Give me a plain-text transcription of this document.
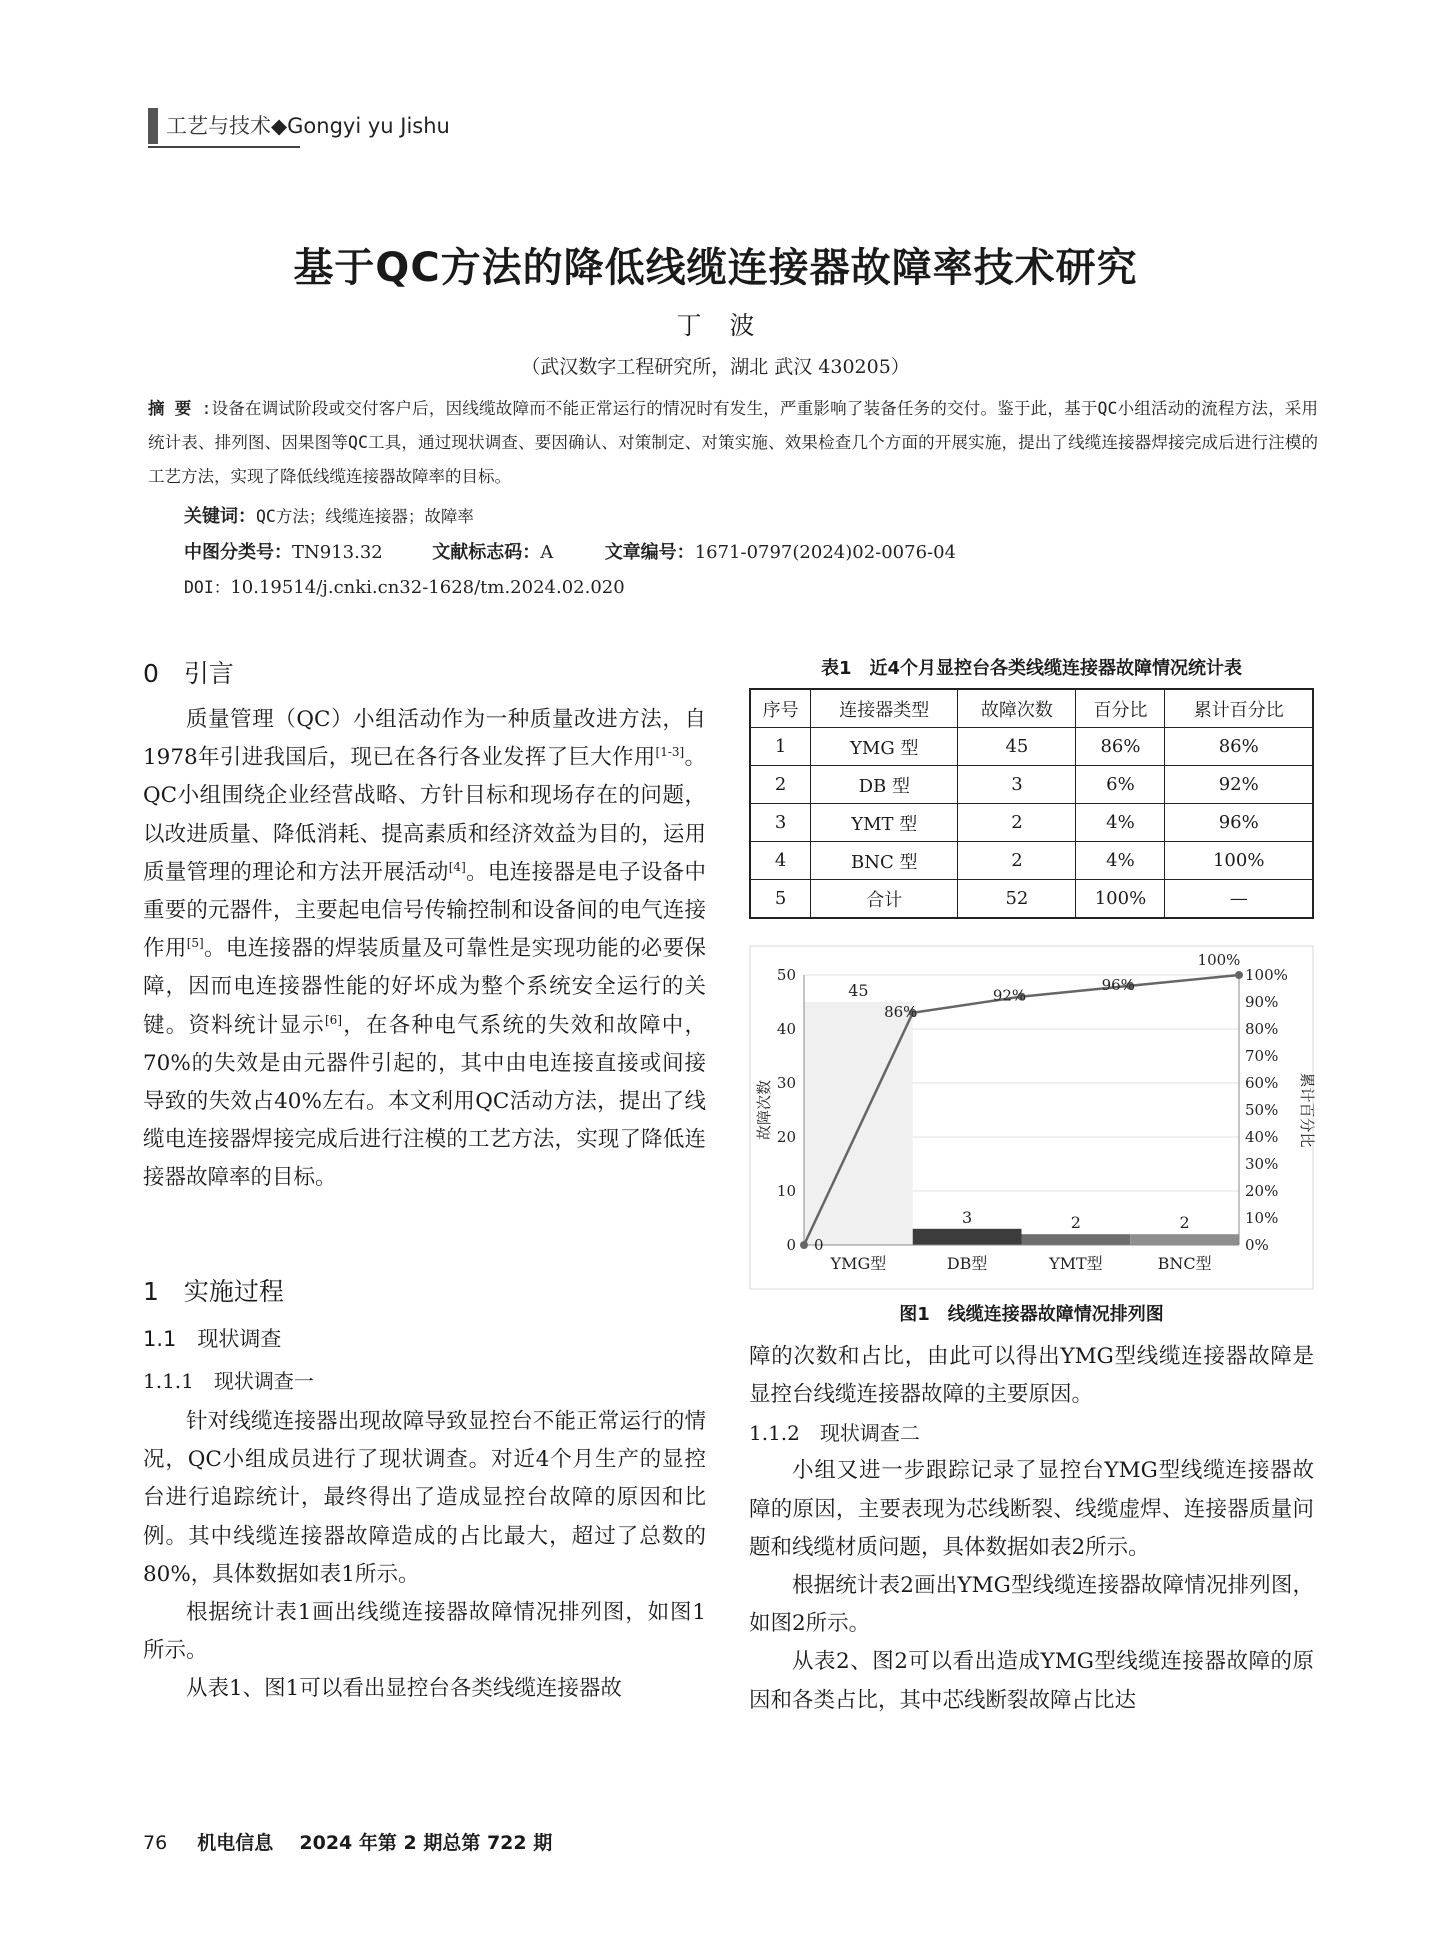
工艺与技术◆Gongyi yu Jishu
基于QC方法的降低线缆连接器故障率技术研究
丁波
（武汉数字工程研究所，湖北 武汉 430205）
摘要:设备在调试阶段或交付客户后，因线缆故障而不能正常运行的情况时有发生，严重影响了装备任务的交付。鉴于此，基于QC小组活动的流程方法，采用统计表、排列图、因果图等QC工具，通过现状调查、要因确认、对策制定、对策实施、效果检查几个方面的开展实施，提出了线缆连接器焊接完成后进行注模的工艺方法，实现了降低线缆连接器故障率的目标。
关键词：QC方法；线缆连接器；故障率
中图分类号：TN913.32	文献标志码：A	文章编号：1671-0797(2024)02-0076-04
DOI：10.19514/j.cnki.cn32-1628/tm.2024.02.020
0　引言

质量管理（QC）小组活动作为一种质量改进方法，自1978年引进我国后，现已在各行各业发挥了巨大作用[1-3]。QC小组围绕企业经营战略、方针目标和现场存在的问题，以改进质量、降低消耗、提高素质和经济效益为目的，运用质量管理的理论和方法开展活动[4]。电连接器是电子设备中重要的元器件，主要起电信号传输控制和设备间的电气连接作用[5]。电连接器的焊装质量及可靠性是实现功能的必要保障，因而电连接器性能的好坏成为整个系统安全运行的关键。资料统计显示[6]，在各种电气系统的失效和故障中，70%的失效是由元器件引起的，其中由电连接直接或间接导致的失效占40%左右。本文利用QC活动方法，提出了线缆电连接器焊接完成后进行注模的工艺方法，实现了降低连接器故障率的目标。

1　实施过程
1.1　现状调查
1.1.1　现状调查一

针对线缆连接器出现故障导致显控台不能正常运行的情况，QC小组成员进行了现状调查。对近4个月生产的显控台进行追踪统计，最终得出了造成显控台故障的原因和比例。其中线缆连接器故障造成的占比最大，超过了总数的80%，具体数据如表1所示。

根据统计表1画出线缆连接器故障情况排列图，如图1所示。

从表1、图1可以看出显控台各类线缆连接器故

表1　近4个月显控台各类线缆连接器故障情况统计表
序号	连接器类型	故障次数	百分比	累计百分比
1	YMG 型	45	86%	86%
2	DB 型	3	6%	92%
3	YMT 型	2	4%	96%
4	BNC 型	2	4%	100%
5	合计	52	100%	—
45
YMG型
3
DB型
2
YMT型
2
BNC型
0
10
20
30
40
50
0%
10%
20%
30%
40%
50%
60%
70%
80%
90%
100%
故障次数	累计百分比
0
86%
92%
96%
100%
图1　线缆连接器故障情况排列图

障的次数和占比，由此可以得出YMG型线缆连接器故障是显控台线缆连接器故障的主要原因。

1.1.2　现状调查二

小组又进一步跟踪记录了显控台YMG型线缆连接器故障的原因，主要表现为芯线断裂、线缆虚焊、连接器质量问题和线缆材质问题，具体数据如表2所示。

根据统计表2画出YMG型线缆连接器故障情况排列图，如图2所示。

从表2、图2可以看出造成YMG型线缆连接器故障的原因和各类占比，其中芯线断裂故障占比达

76 机电信息 2024 年第 2 期总第 722 期
